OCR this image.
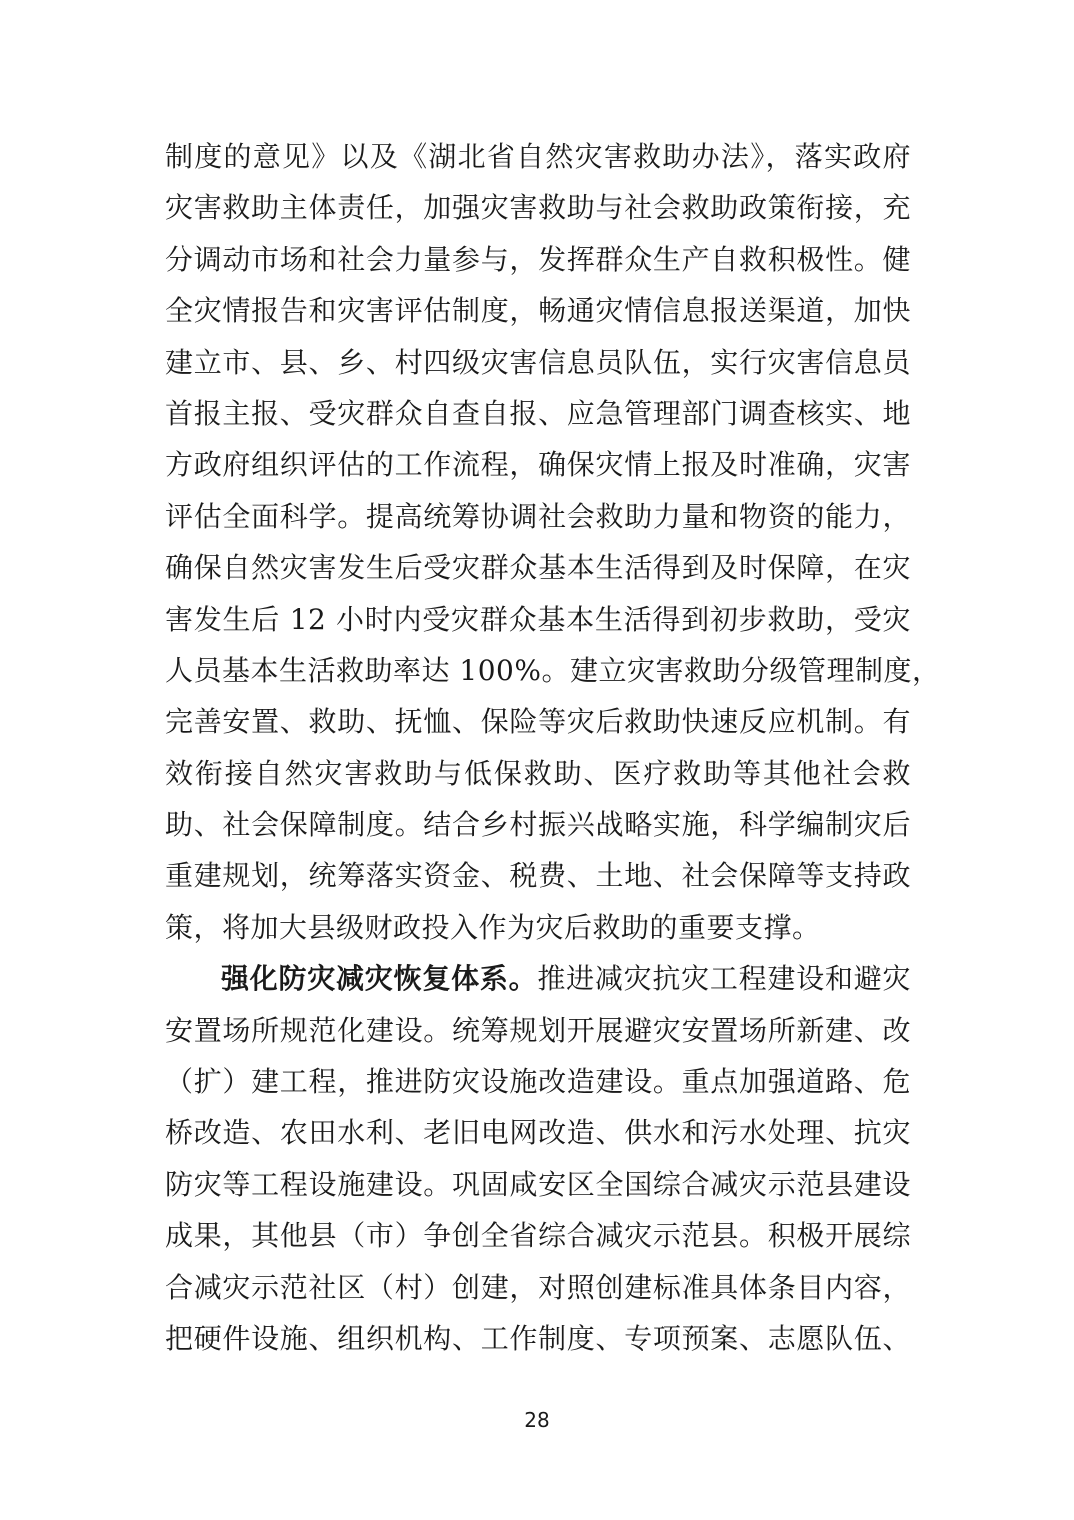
制度的意见》以及《湖北省自然灾害救助办法》，落实政府
灾害救助主体责任，加强灾害救助与社会救助政策衔接，充
分调动市场和社会力量参与，发挥群众生产自救积极性。健
全灾情报告和灾害评估制度，畅通灾情信息报送渠道，加快
建立市、县、乡、村四级灾害信息员队伍，实行灾害信息员
首报主报、受灾群众自查自报、应急管理部门调查核实、地
方政府组织评估的工作流程，确保灾情上报及时准确，灾害
评估全面科学。提高统筹协调社会救助力量和物资的能力，
确保自然灾害发生后受灾群众基本生活得到及时保障，在灾
害发生后 12 小时内受灾群众基本生活得到初步救助，受灾
人员基本生活救助率达 100%。建立灾害救助分级管理制度，
完善安置、救助、抚恤、保险等灾后救助快速反应机制。有
效衔接自然灾害救助与低保救助、医疗救助等其他社会救
助、社会保障制度。结合乡村振兴战略实施，科学编制灾后
重建规划，统筹落实资金、税费、土地、社会保障等支持政
策，将加大县级财政投入作为灾后救助的重要支撑。
强化防灾减灾恢复体系。推进减灾抗灾工程建设和避灾
安置场所规范化建设。统筹规划开展避灾安置场所新建、改
（扩）建工程，推进防灾设施改造建设。重点加强道路、危
桥改造、农田水利、老旧电网改造、供水和污水处理、抗灾
防灾等工程设施建设。巩固咸安区全国综合减灾示范县建设
成果，其他县（市）争创全省综合减灾示范县。积极开展综
合减灾示范社区（村）创建，对照创建标准具体条目内容，
把硬件设施、组织机构、工作制度、专项预案、志愿队伍、
28
